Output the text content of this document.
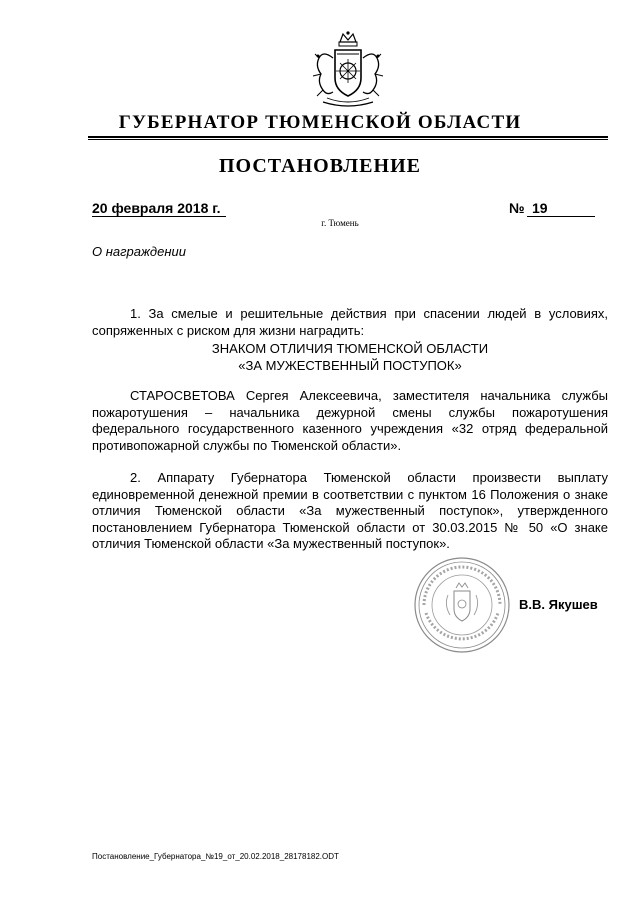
ГУБЕРНАТОР ТЮМЕНСКОЙ ОБЛАСТИ
ПОСТАНОВЛЕНИЕ
20 февраля 2018 г.	№ 19
г. Тюмень
О награждении

1. За смелые и решительные действия при спасении людей в условиях, сопряженных с риском для жизни наградить:

ЗНАКОМ ОТЛИЧИЯ ТЮМЕНСКОЙ ОБЛАСТИ

«ЗА МУЖЕСТВЕННЫЙ ПОСТУПОК»

СТАРОСВЕТОВА Сергея Алексеевича, заместителя начальника службы пожаротушения – начальника дежурной смены службы пожаротушения федерального государственного казенного учреждения «32 отряд федеральной противопожарной службы по Тюменской области».

2. Аппарату Губернатора Тюменской области произвести выплату единовременной денежной премии в соответствии с пунктом 16 Положения о знаке отличия Тюменской области «За мужественный поступок», утвержденного постановлением Губернатора Тюменской области от 30.03.2015 № 50 «О знаке отличия Тюменской области «За мужественный поступок».

В.В. Якушев
Постановление_Губернатора_№19_от_20.02.2018_28178182.ODT
